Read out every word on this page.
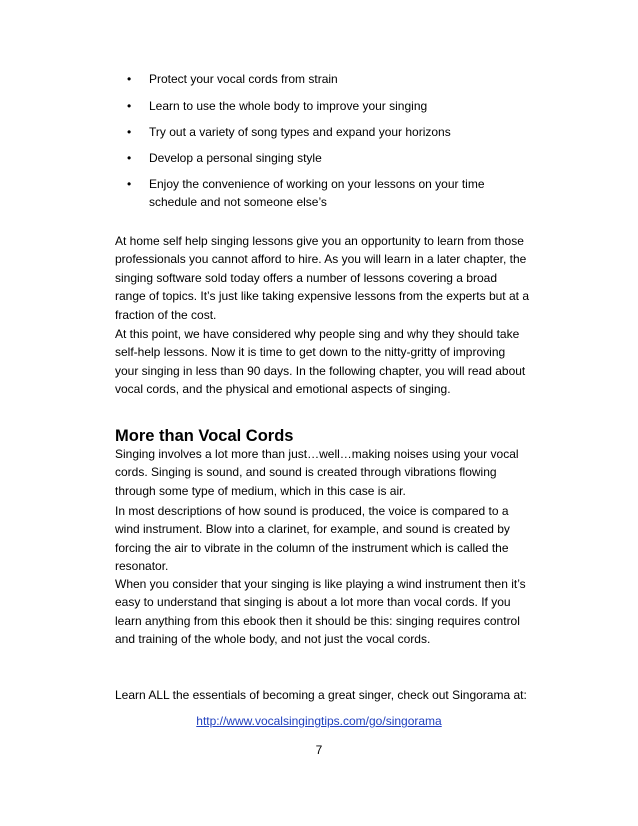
• Protect your vocal cords from strain
• Learn to use the whole body to improve your singing
• Try out a variety of song types and expand your horizons
• Develop a personal singing style
• Enjoy the convenience of working on your lessons on your time
schedule and not someone else’s

At home self help singing lessons give you an opportunity to learn from those
professionals you cannot afford to hire. As you will learn in a later chapter, the
singing software sold today offers a number of lessons covering a broad
range of topics. It’s just like taking expensive lessons from the experts but at a
fraction of the cost.

At this point, we have considered why people sing and why they should take
self-help lessons. Now it is time to get down to the nitty-gritty of improving
your singing in less than 90 days. In the following chapter, you will read about
vocal cords, and the physical and emotional aspects of singing.

More than Vocal Cords

Singing involves a lot more than just…well…making noises using your vocal
cords. Singing is sound, and sound is created through vibrations flowing
through some type of medium, which in this case is air.

In most descriptions of how sound is produced, the voice is compared to a
wind instrument. Blow into a clarinet, for example, and sound is created by
forcing the air to vibrate in the column of the instrument which is called the
resonator.

When you consider that your singing is like playing a wind instrument then it’s
easy to understand that singing is about a lot more than vocal cords. If you
learn anything from this ebook then it should be this: singing requires control
and training of the whole body, and not just the vocal cords.

Learn ALL the essentials of becoming a great singer, check out Singorama at:

http://www.vocalsingingtips.com/go/singorama
7
